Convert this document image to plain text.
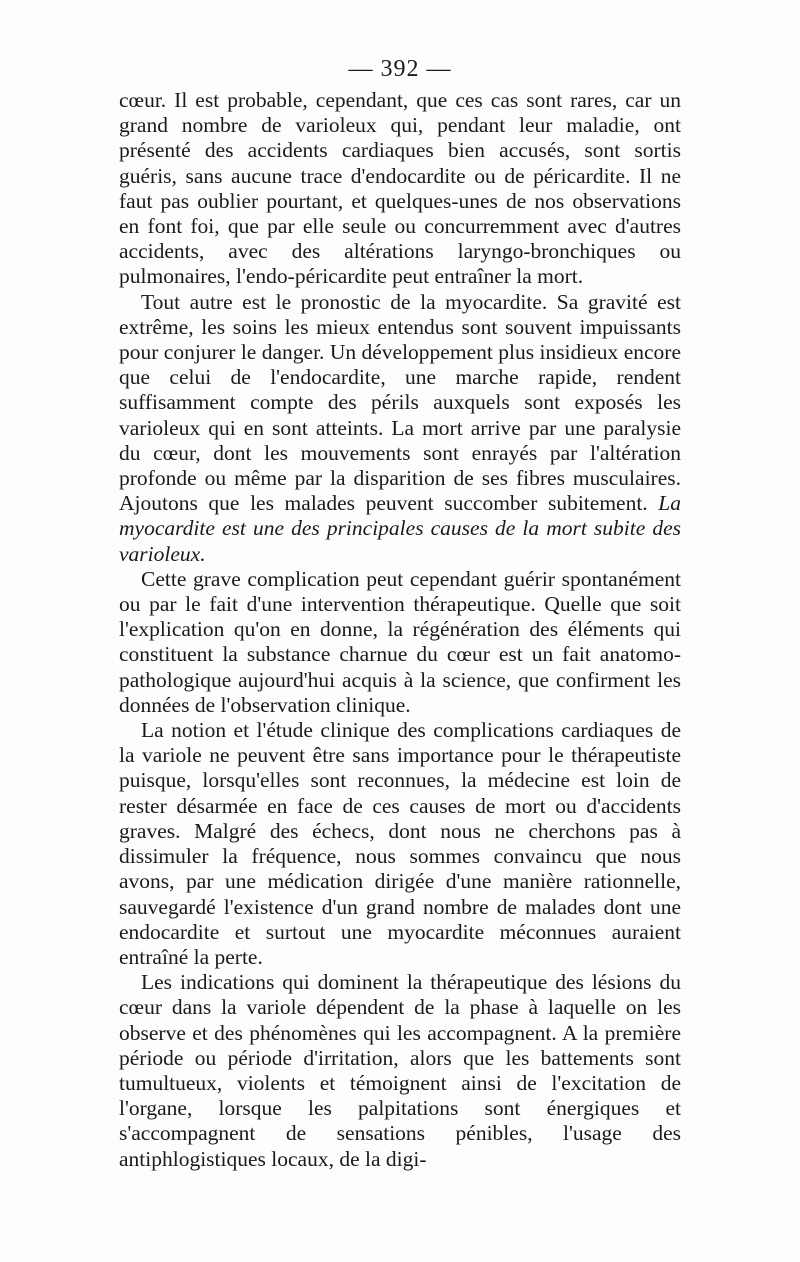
— 392 —

cœur. Il est probable, cependant, que ces cas sont rares, car un grand nombre de varioleux qui, pendant leur maladie, ont présenté des accidents cardiaques bien accusés, sont sortis guéris, sans aucune trace d'endocardite ou de péricardite. Il ne faut pas oublier pourtant, et quelques-unes de nos observations en font foi, que par elle seule ou concurremment avec d'autres accidents, avec des altérations laryngo-bronchiques ou pulmonaires, l'endo-péricardite peut entraîner la mort.

Tout autre est le pronostic de la myocardite. Sa gravité est extrême, les soins les mieux entendus sont souvent impuissants pour conjurer le danger. Un développement plus insidieux encore que celui de l'endocardite, une marche rapide, rendent suffisamment compte des périls auxquels sont exposés les varioleux qui en sont atteints. La mort arrive par une paralysie du cœur, dont les mouvements sont enrayés par l'altération profonde ou même par la disparition de ses fibres musculaires. Ajoutons que les malades peuvent succomber subitement. La myocardite est une des principales causes de la mort subite des varioleux.

Cette grave complication peut cependant guérir spontanément ou par le fait d'une intervention thérapeutique. Quelle que soit l'explication qu'on en donne, la régénération des éléments qui constituent la substance charnue du cœur est un fait anatomo-pathologique aujourd'hui acquis à la science, que confirment les données de l'observation clinique.

La notion et l'étude clinique des complications cardiaques de la variole ne peuvent être sans importance pour le thérapeutiste puisque, lorsqu'elles sont reconnues, la médecine est loin de rester désarmée en face de ces causes de mort ou d'accidents graves. Malgré des échecs, dont nous ne cherchons pas à dissimuler la fréquence, nous sommes convaincu que nous avons, par une médication dirigée d'une manière rationnelle, sauvegardé l'existence d'un grand nombre de malades dont une endocardite et surtout une myocardite méconnues auraient entraîné la perte.

Les indications qui dominent la thérapeutique des lésions du cœur dans la variole dépendent de la phase à laquelle on les observe et des phénomènes qui les accompagnent. A la première période ou période d'irritation, alors que les battements sont tumultueux, violents et témoignent ainsi de l'excitation de l'organe, lorsque les palpitations sont énergiques et s'accompagnent de sensations pénibles, l'usage des antiphlogistiques locaux, de la digi-
